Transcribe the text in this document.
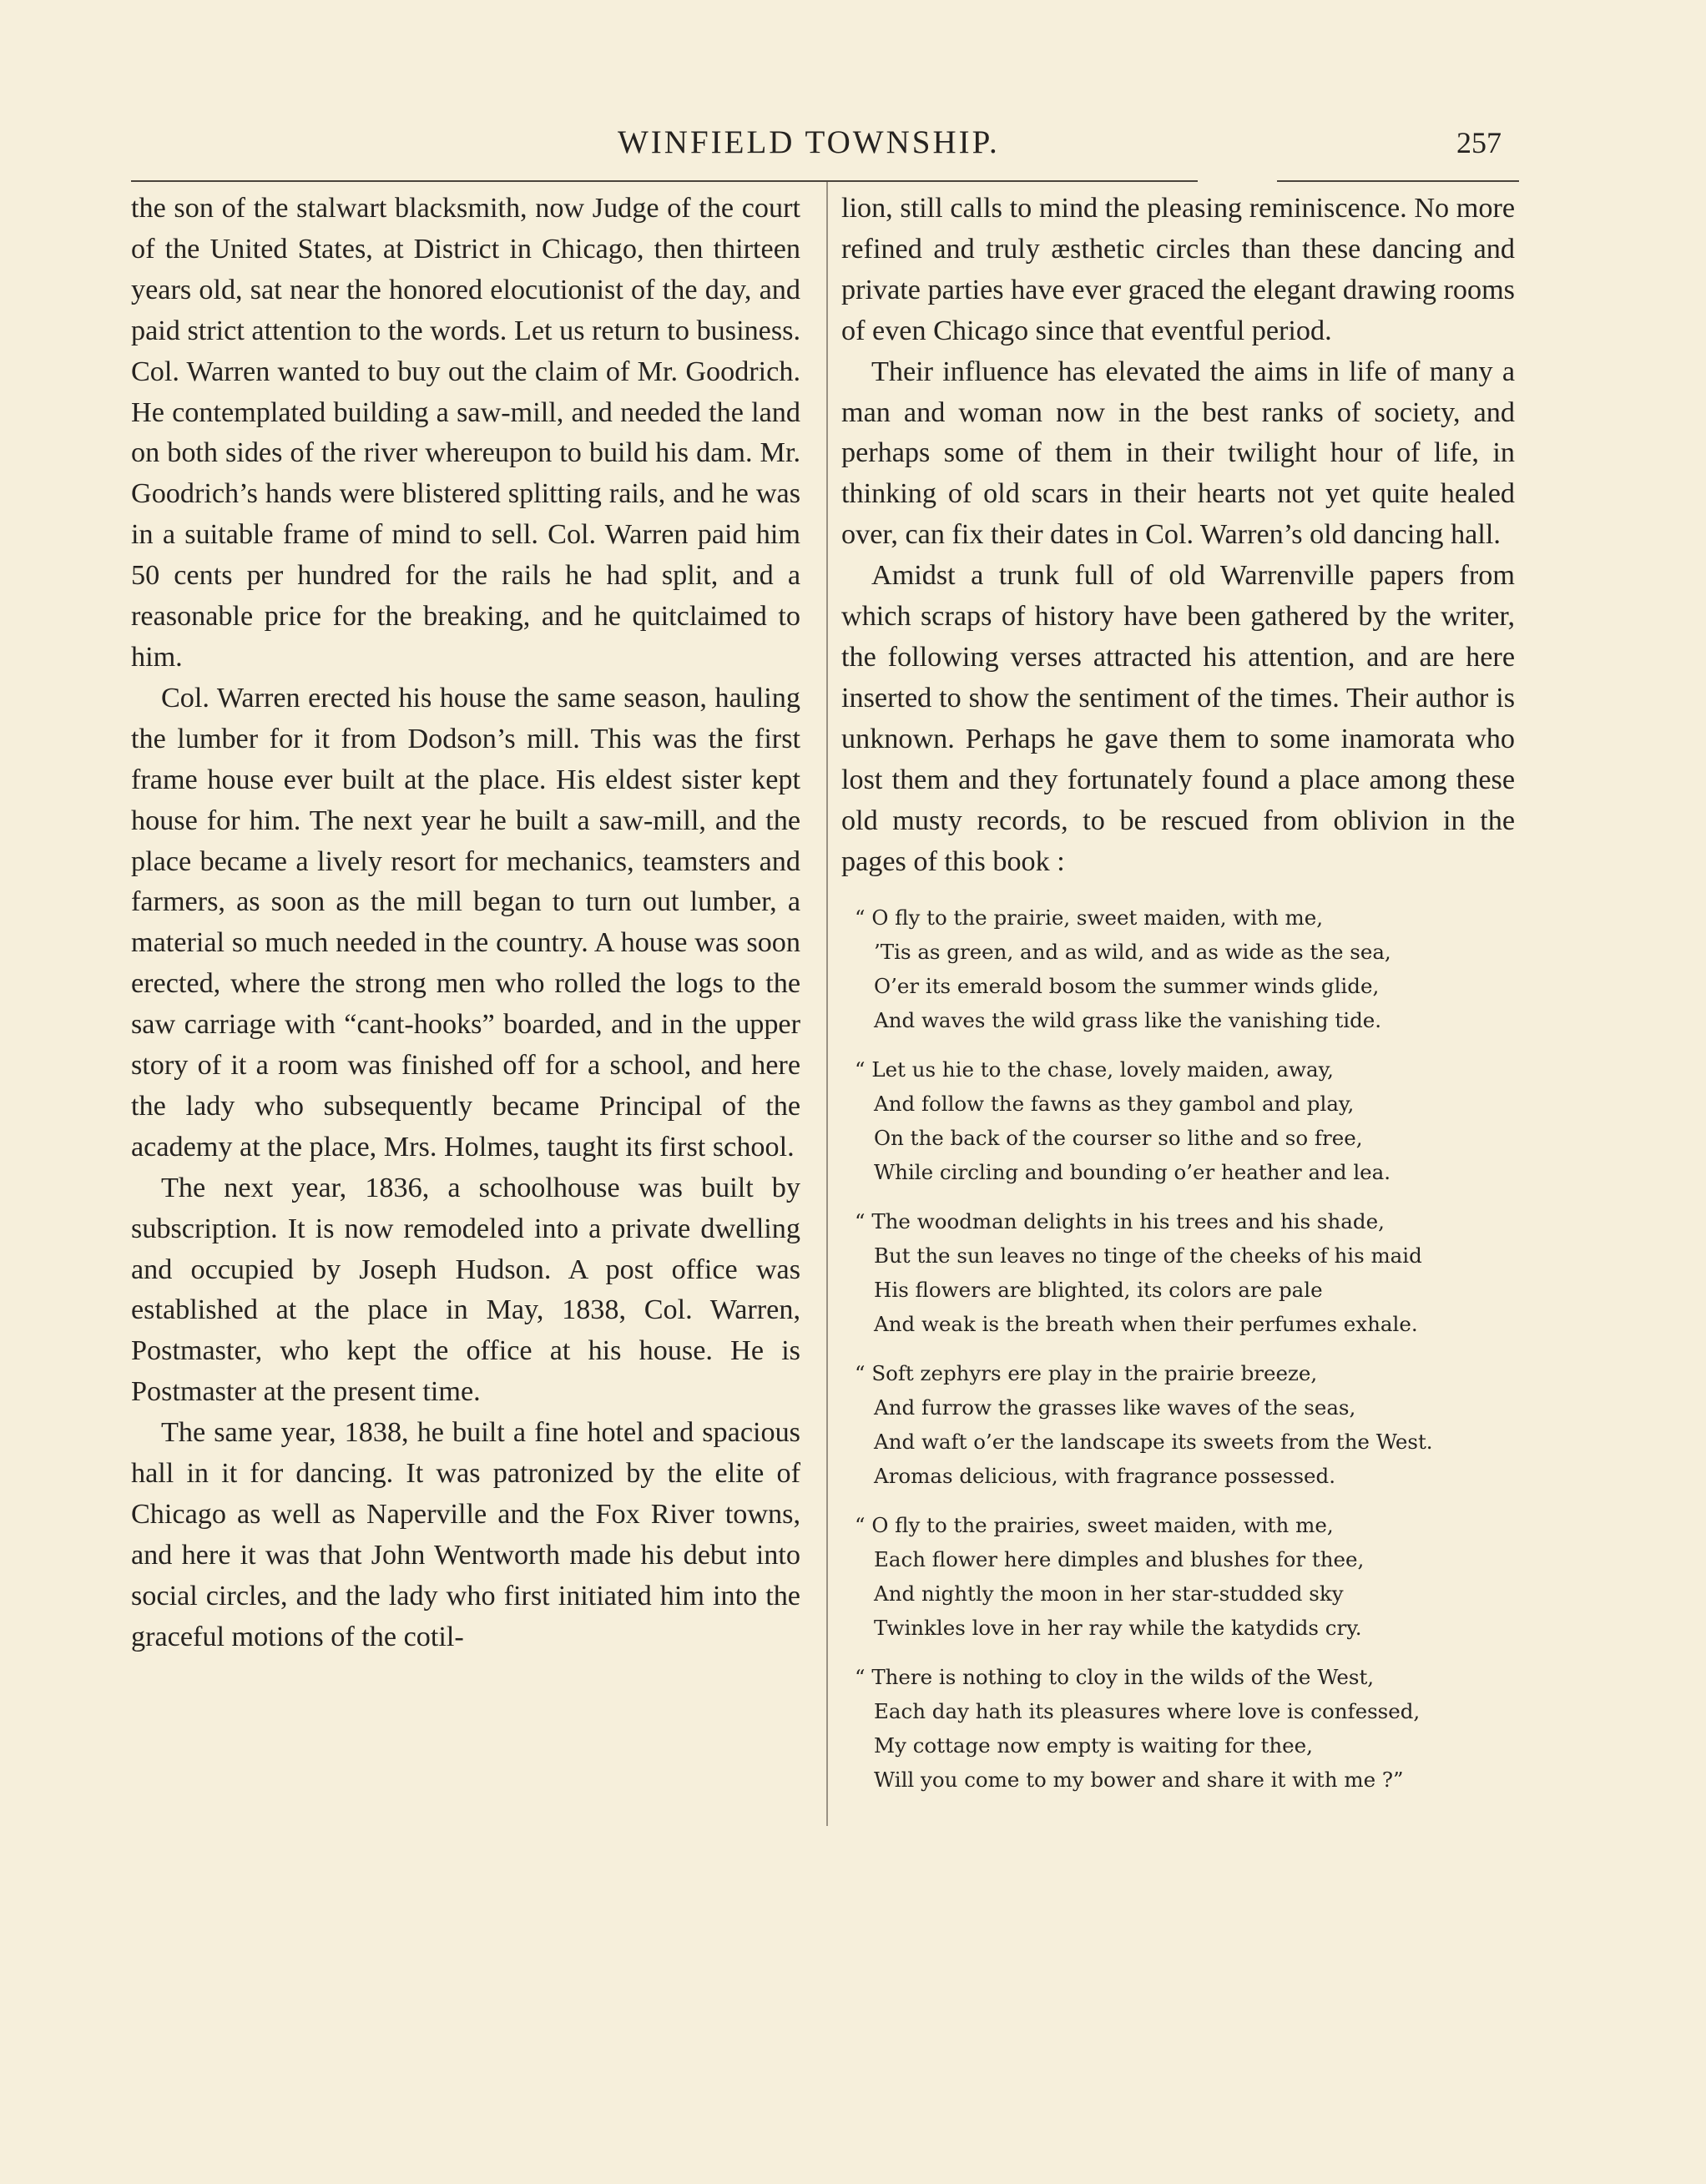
WINFIELD TOWNSHIP.	257

the son of the stalwart blacksmith, now Judge of the court of the United States, at District in Chicago, then thirteen years old, sat near the honored elocutionist of the day, and paid strict attention to the words. Let us return to business. Col. Warren wanted to buy out the claim of Mr. Goodrich. He contemplated building a saw-mill, and needed the land on both sides of the river whereupon to build his dam. Mr. Goodrich’s hands were blistered splitting rails, and he was in a suitable frame of mind to sell. Col. Warren paid him 50 cents per hundred for the rails he had split, and a reasonable price for the breaking, and he quitclaimed to him.

Col. Warren erected his house the same season, hauling the lumber for it from Dodson’s mill. This was the first frame house ever built at the place. His eldest sister kept house for him. The next year he built a saw-mill, and the place became a lively resort for mechanics, teamsters and farmers, as soon as the mill began to turn out lumber, a material so much needed in the country. A house was soon erected, where the strong men who rolled the logs to the saw carriage with “cant-hooks” boarded, and in the upper story of it a room was finished off for a school, and here the lady who subsequently became Principal of the academy at the place, Mrs. Holmes, taught its first school.

The next year, 1836, a schoolhouse was built by subscription. It is now remodeled into a private dwelling and occupied by Joseph Hudson. A post office was established at the place in May, 1838, Col. Warren, Postmaster, who kept the office at his house. He is Postmaster at the present time.

The same year, 1838, he built a fine hotel and spacious hall in it for dancing. It was patronized by the elite of Chicago as well as Naperville and the Fox River towns, and here it was that John Wentworth made his debut into social circles, and the lady who first initiated him into the graceful motions of the cotil-

lion, still calls to mind the pleasing reminiscence. No more refined and truly æsthetic circles than these dancing and private parties have ever graced the elegant drawing rooms of even Chicago since that eventful period.

Their influence has elevated the aims in life of many a man and woman now in the best ranks of society, and perhaps some of them in their twilight hour of life, in thinking of old scars in their hearts not yet quite healed over, can fix their dates in Col. Warren’s old dancing hall.

Amidst a trunk full of old Warrenville papers from which scraps of history have been gathered by the writer, the following verses attracted his attention, and are here inserted to show the sentiment of the times. Their author is unknown. Perhaps he gave them to some inamorata who lost them and they fortunately found a place among these old musty records, to be rescued from oblivion in the pages of this book :

“ O fly to the prairie, sweet maiden, with me,
’Tis as green, and as wild, and as wide as the sea,
O’er its emerald bosom the summer winds glide,
And waves the wild grass like the vanishing tide.
“ Let us hie to the chase, lovely maiden, away,
And follow the fawns as they gambol and play,
On the back of the courser so lithe and so free,
While circling and bounding o’er heather and lea.
“ The woodman delights in his trees and his shade,
But the sun leaves no tinge of the cheeks of his maid
His flowers are blighted, its colors are pale
And weak is the breath when their perfumes exhale.
“ Soft zephyrs ere play in the prairie breeze,
And furrow the grasses like waves of the seas,
And waft o’er the landscape its sweets from the West.
Aromas delicious, with fragrance possessed.
“ O fly to the prairies, sweet maiden, with me,
Each flower here dimples and blushes for thee,
And nightly the moon in her star-studded sky
Twinkles love in her ray while the katydids cry.
“ There is nothing to cloy in the wilds of the West,
Each day hath its pleasures where love is confessed,
My cottage now empty is waiting for thee,
Will you come to my bower and share it with me ?”
